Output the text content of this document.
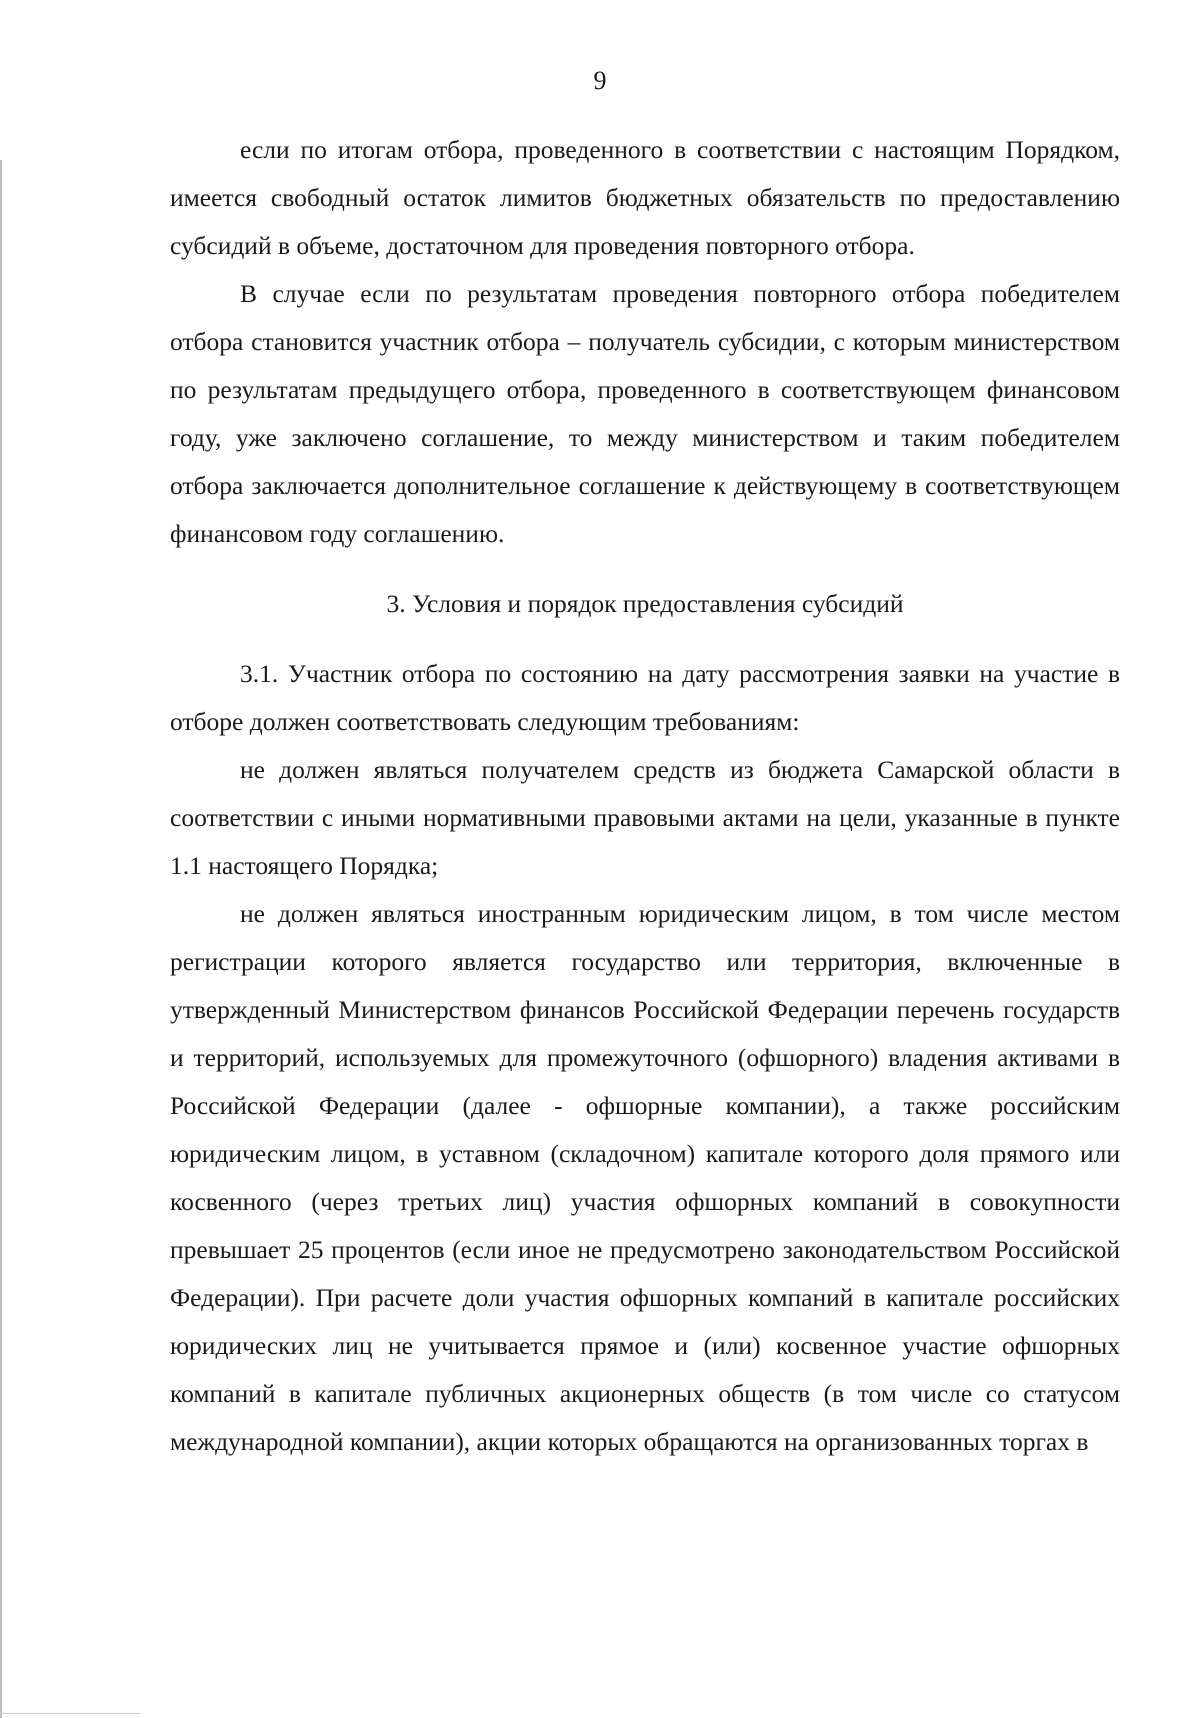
9

если по итогам отбора, проведенного в соответствии с настоящим Порядком, имеется свободный остаток лимитов бюджетных обязательств по предоставлению субсидий в объеме, достаточном для проведения повторного отбора.

В случае если по результатам проведения повторного отбора победителем отбора становится участник отбора – получатель субсидии, с которым министерством по результатам предыдущего отбора, проведенного в соответствующем финансовом году, уже заключено соглашение, то между министерством и таким победителем отбора заключается дополнительное соглашение к действующему в соответствующем финансовом году соглашению.

3. Условия и порядок предоставления субсидий

3.1. Участник отбора по состоянию на дату рассмотрения заявки на участие в отборе должен соответствовать следующим требованиям:

не должен являться получателем средств из бюджета Самарской области в соответствии с иными нормативными правовыми актами на цели, указанные в пункте 1.1 настоящего Порядка;

не должен являться иностранным юридическим лицом, в том числе местом регистрации которого является государство или территория, включенные в утвержденный Министерством финансов Российской Федерации перечень государств и территорий, используемых для промежуточного (офшорного) владения активами в Российской Федерации (далее - офшорные компании), а также российским юридическим лицом, в уставном (складочном) капитале которого доля прямого или косвенного (через третьих лиц) участия офшорных компаний в совокупности превышает 25 процентов (если иное не предусмотрено законодательством Российской Федерации). При расчете доли участия офшорных компаний в капитале российских юридических лиц не учитывается прямое и (или) косвенное участие офшорных компаний в капитале публичных акционерных обществ (в том числе со статусом международной компании), акции которых обращаются на организованных торгах в
